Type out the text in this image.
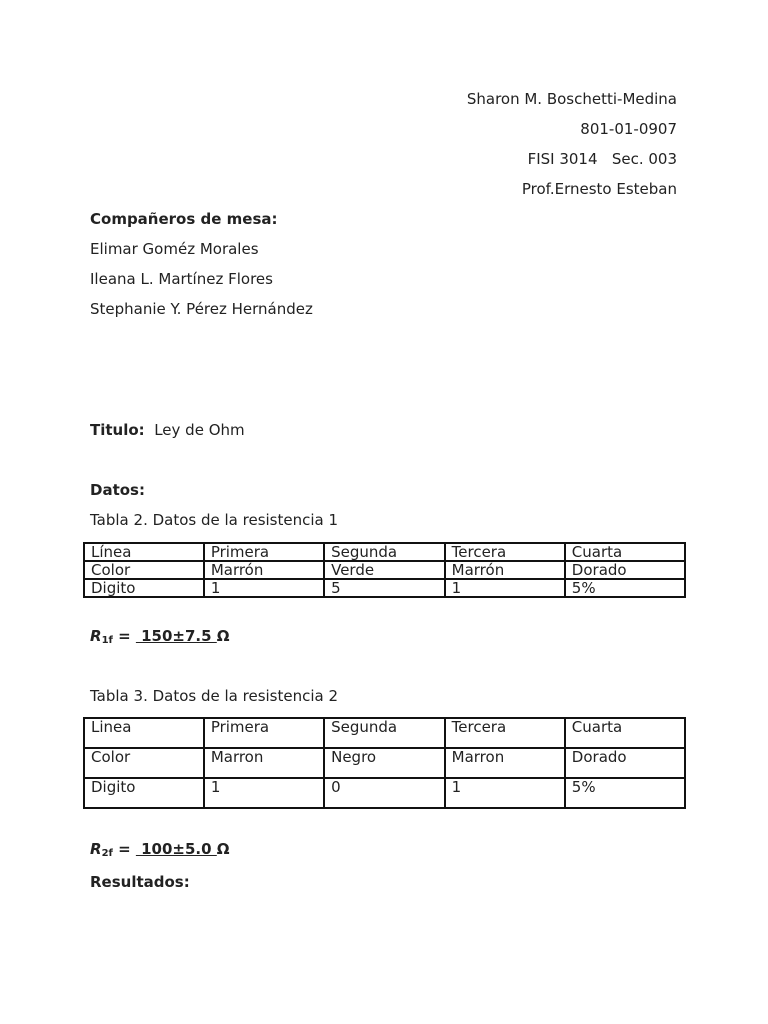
Sharon M. Boschetti-Medina
801-01-0907
FISI 3014   Sec. 003
Prof.Ernesto Esteban
Compañeros de mesa:
Elimar Goméz Morales
Ileana L. Martínez Flores
Stephanie Y. Pérez Hernández
Titulo: Ley de Ohm
Datos:
Tabla 2. Datos de la resistencia 1
Línea	Primera	Segunda	Tercera	Cuarta
Color	Marrón	Verde	Marrón	Dorado
Digito	1	5	1	5%
$R_{1f} = 150\pm 7.5$ Ω
Tabla 3. Datos de la resistencia 2
Linea	Primera	Segunda	Tercera	Cuarta
Color	Marron	Negro	Marron	Dorado
Digito	1	0	1	5%
$R_{2f} = 100\pm 5.0$ Ω
Resultados:
